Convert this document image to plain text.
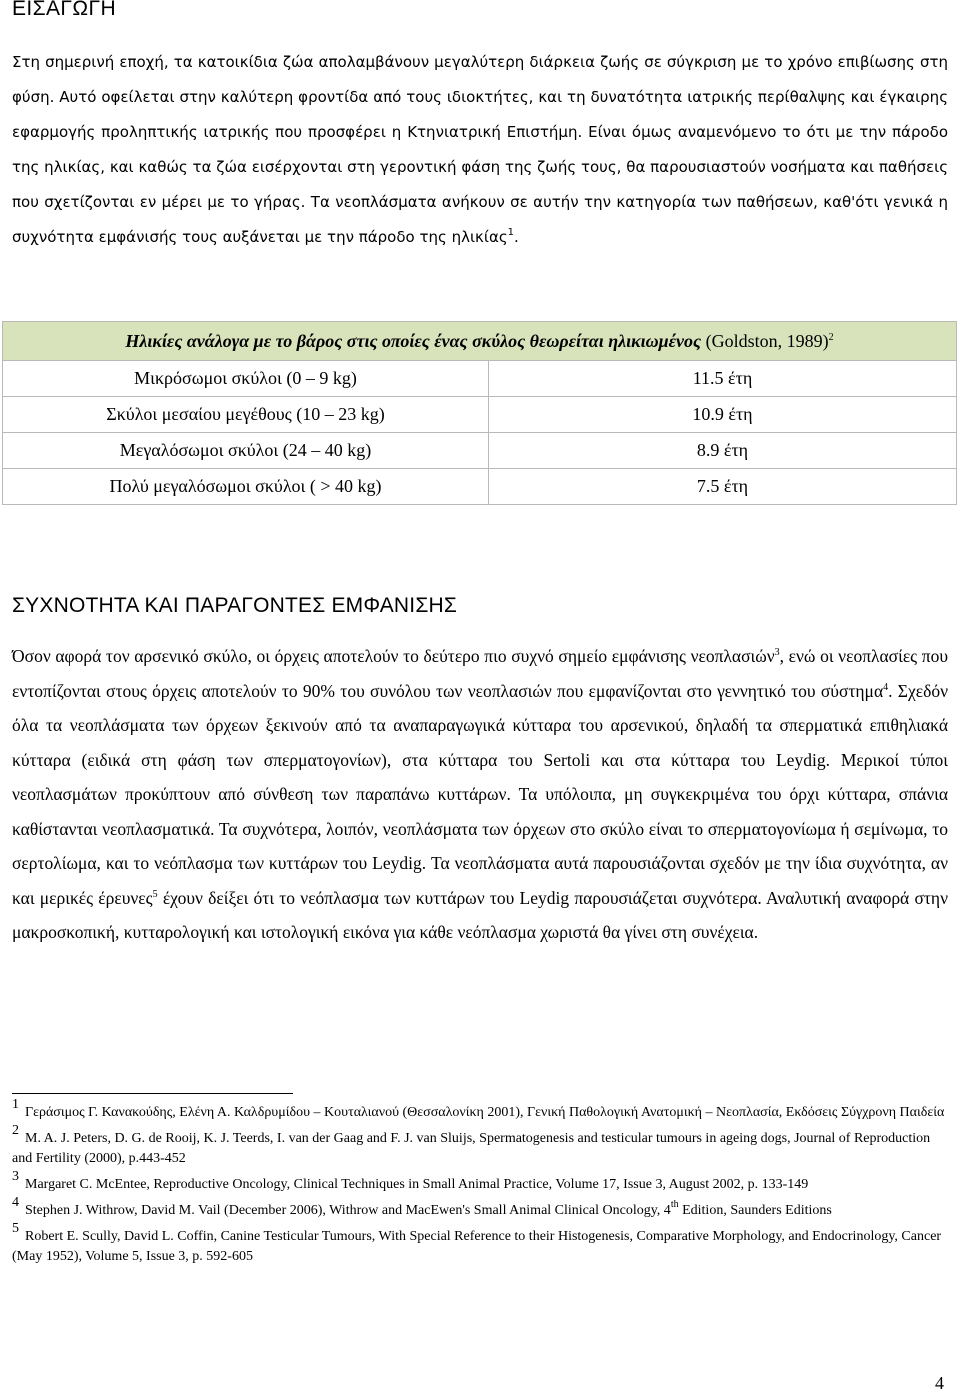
ΕΙΣΑΓΩΓΗ

Στη σημερινή εποχή, τα κατοικίδια ζώα απολαμβάνουν μεγαλύτερη διάρκεια ζωής σε σύγκριση με το χρόνο επιβίωσης στη φύση. Αυτό οφείλεται στην καλύτερη φροντίδα από τους ιδιοκτήτες, και τη δυνατότητα ιατρικής περίθαλψης και έγκαιρης εφαρμογής προληπτικής ιατρικής που προσφέρει η Κτηνιατρική Επιστήμη. Είναι όμως αναμενόμενο το ότι με την πάροδο της ηλικίας, και καθώς τα ζώα εισέρχονται στη γεροντική φάση της ζωής τους, θα παρουσιαστούν νοσήματα και παθήσεις που σχετίζονται εν μέρει με το γήρας. Τα νεοπλάσματα ανήκουν σε αυτήν την κατηγορία των παθήσεων, καθ'ότι γενικά η συχνότητα εμφάνισής τους αυξάνεται με την πάροδο της ηλικίας$^1$.

Ηλικίες ανάλογα με το βάρος στις οποίες ένας σκύλος θεωρείται ηλικιωμένος (Goldston, 1989)$^2$
Μικρόσωμοι σκύλοι (0 – 9 kg)	11.5 έτη
Σκύλοι μεσαίου μεγέθους (10 – 23 kg)	10.9 έτη
Μεγαλόσωμοι σκύλοι (24 – 40 kg)	8.9 έτη
Πολύ μεγαλόσωμοι σκύλοι ( > 40 kg)	7.5 έτη
ΣΥΧΝΟΤΗΤΑ ΚΑΙ ΠΑΡΑΓΟΝΤΕΣ ΕΜΦΑΝΙΣΗΣ

Όσον αφορά τον αρσενικό σκύλο, οι όρχεις αποτελούν το δεύτερο πιο συχνό σημείο εμφάνισης νεοπλασιών$^3$, ενώ οι νεοπλασίες που εντοπίζονται στους όρχεις αποτελούν το 90% του συνόλου των νεοπλασιών που εμφανίζονται στο γεννητικό του σύστημα$^4$. Σχεδόν όλα τα νεοπλάσματα των όρχεων ξεκινούν από τα αναπαραγωγικά κύτταρα του αρσενικού, δηλαδή τα σπερματικά επιθηλιακά κύτταρα (ειδικά στη φάση των σπερματογονίων), στα κύτταρα του Sertoli και στα κύτταρα του Leydig. Μερικοί τύποι νεοπλασμάτων προκύπτουν από σύνθεση των παραπάνω κυττάρων. Τα υπόλοιπα, μη συγκεκριμένα του όρχι κύτταρα, σπάνια καθίστανται νεοπλασματικά. Τα συχνότερα, λοιπόν, νεοπλάσματα των όρχεων στο σκύλο είναι το σπερματογονίωμα ή σεμίνωμα, το σερτολίωμα, και το νεόπλασμα των κυττάρων του Leydig. Τα νεοπλάσματα αυτά παρουσιάζονται σχεδόν με την ίδια συχνότητα, αν και μερικές έρευνες$^5$ έχουν δείξει ότι το νεόπλασμα των κυττάρων του Leydig παρουσιάζεται συχνότερα. Αναλυτική αναφορά στην μακροσκοπική, κυτταρολογική και ιστολογική εικόνα για κάθε νεόπλασμα χωριστά θα γίνει στη συνέχεια.

1Γεράσιμος Γ. Κανακούδης, Ελένη Α. Καλδρυμίδου – Κουταλιανού (Θεσσαλονίκη 2001), Γενική Παθολογική Ανατομική – Νεοπλασία, Εκδόσεις Σύγχρονη Παιδεία
2M. A. J. Peters, D. G. de Rooij, K. J. Teerds, I. van der Gaag and F. J. van Sluijs, Spermatogenesis and testicular tumours in ageing dogs, Journal of Reproduction and Fertility (2000), p.443-452
3Margaret C. McEntee, Reproductive Oncology, Clinical Techniques in Small Animal Practice, Volume 17, Issue 3, August 2002, p. 133-149
4Stephen J. Withrow, David M. Vail (December 2006), Withrow and MacEwen's Small Animal Clinical Oncology, 4th Edition, Saunders Editions
5Robert E. Scully, David L. Coffin, Canine Testicular Tumours, With Special Reference to their Histogenesis, Comparative Morphology, and Endocrinology, Cancer (May 1952), Volume 5, Issue 3, p. 592-605
4
